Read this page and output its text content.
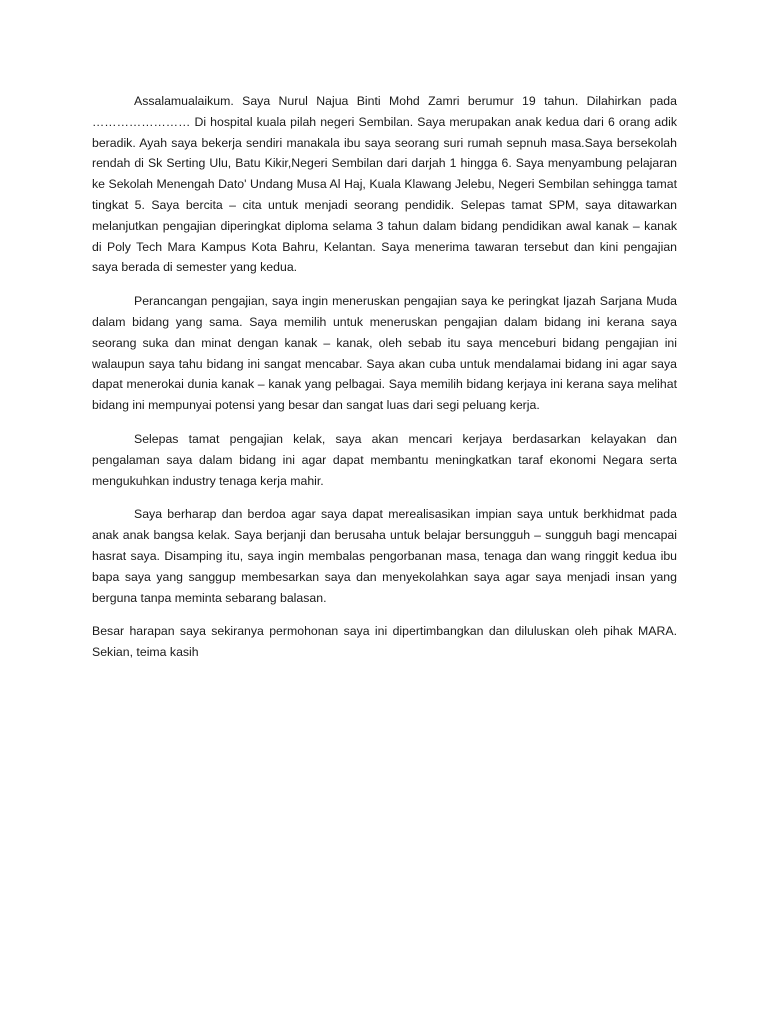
Assalamualaikum. Saya Nurul Najua Binti Mohd Zamri berumur 19 tahun. Dilahirkan pada …………………… Di hospital kuala pilah negeri Sembilan. Saya merupakan anak kedua dari 6 orang adik beradik. Ayah saya bekerja sendiri manakala ibu saya seorang suri rumah sepnuh masa.Saya bersekolah rendah di Sk Serting Ulu, Batu Kikir,Negeri Sembilan dari darjah 1 hingga 6. Saya menyambung pelajaran ke Sekolah Menengah Dato' Undang Musa Al Haj, Kuala Klawang Jelebu, Negeri Sembilan sehingga tamat tingkat 5. Saya bercita – cita untuk menjadi seorang pendidik. Selepas tamat SPM, saya ditawarkan melanjutkan pengajian diperingkat diploma selama 3 tahun dalam bidang pendidikan awal kanak – kanak di Poly Tech Mara Kampus Kota Bahru, Kelantan. Saya menerima tawaran tersebut dan kini pengajian saya berada di semester yang kedua.

Perancangan pengajian, saya ingin meneruskan pengajian saya ke peringkat Ijazah Sarjana Muda dalam bidang yang sama. Saya memilih untuk meneruskan pengajian dalam bidang ini kerana saya seorang suka dan minat dengan kanak – kanak, oleh sebab itu saya menceburi bidang pengajian ini walaupun saya tahu bidang ini sangat mencabar. Saya akan cuba untuk mendalamai bidang ini agar saya dapat menerokai dunia kanak – kanak yang pelbagai. Saya memilih bidang kerjaya ini kerana saya melihat bidang ini mempunyai potensi yang besar dan sangat luas dari segi peluang kerja.

Selepas tamat pengajian kelak, saya akan mencari kerjaya berdasarkan kelayakan dan pengalaman saya dalam bidang ini agar dapat membantu meningkatkan taraf ekonomi Negara serta mengukuhkan industry tenaga kerja mahir.

Saya berharap dan berdoa agar saya dapat merealisasikan impian saya untuk berkhidmat pada anak anak bangsa kelak. Saya berjanji dan berusaha untuk belajar bersungguh – sungguh bagi mencapai hasrat saya. Disamping itu, saya ingin membalas pengorbanan masa, tenaga dan wang ringgit kedua ibu bapa saya yang sanggup membesarkan saya dan menyekolahkan saya agar saya menjadi insan yang berguna tanpa meminta sebarang balasan.

Besar harapan saya sekiranya permohonan saya ini dipertimbangkan dan diluluskan oleh pihak MARA. Sekian, teima kasih
